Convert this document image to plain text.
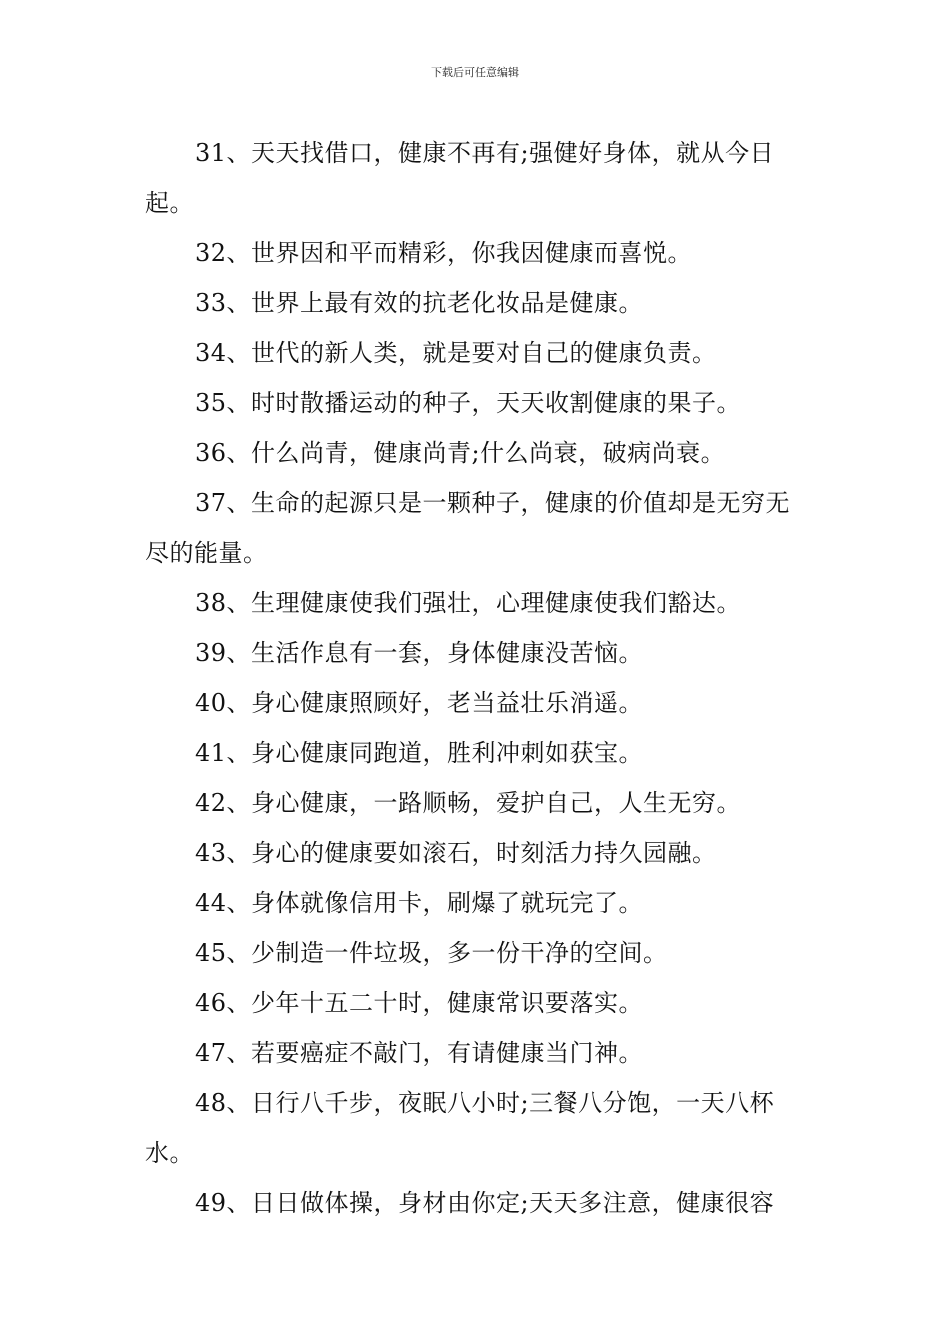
下载后可任意编辑

31、天天找借口，健康不再有;强健好身体，就从今日起。

32、世界因和平而精彩，你我因健康而喜悦。

33、世界上最有效的抗老化妆品是健康。

34、世代的新人类，就是要对自己的健康负责。

35、时时散播运动的种子，天天收割健康的果子。

36、什么尚青，健康尚青;什么尚衰，破病尚衰。

37、生命的起源只是一颗种子，健康的价值却是无穷无尽的能量。

38、生理健康使我们强壮，心理健康使我们豁达。

39、生活作息有一套，身体健康没苦恼。

40、身心健康照顾好，老当益壮乐消遥。

41、身心健康同跑道，胜利冲刺如获宝。

42、身心健康，一路顺畅，爱护自己，人生无穷。

43、身心的健康要如滚石，时刻活力持久园融。

44、身体就像信用卡，刷爆了就玩完了。

45、少制造一件垃圾，多一份干净的空间。

46、少年十五二十时，健康常识要落实。

47、若要癌症不敲门，有请健康当门神。

48、日行八千步，夜眠八小时;三餐八分饱，一天八杯水。

49、日日做体操，身材由你定;天天多注意，健康很容
